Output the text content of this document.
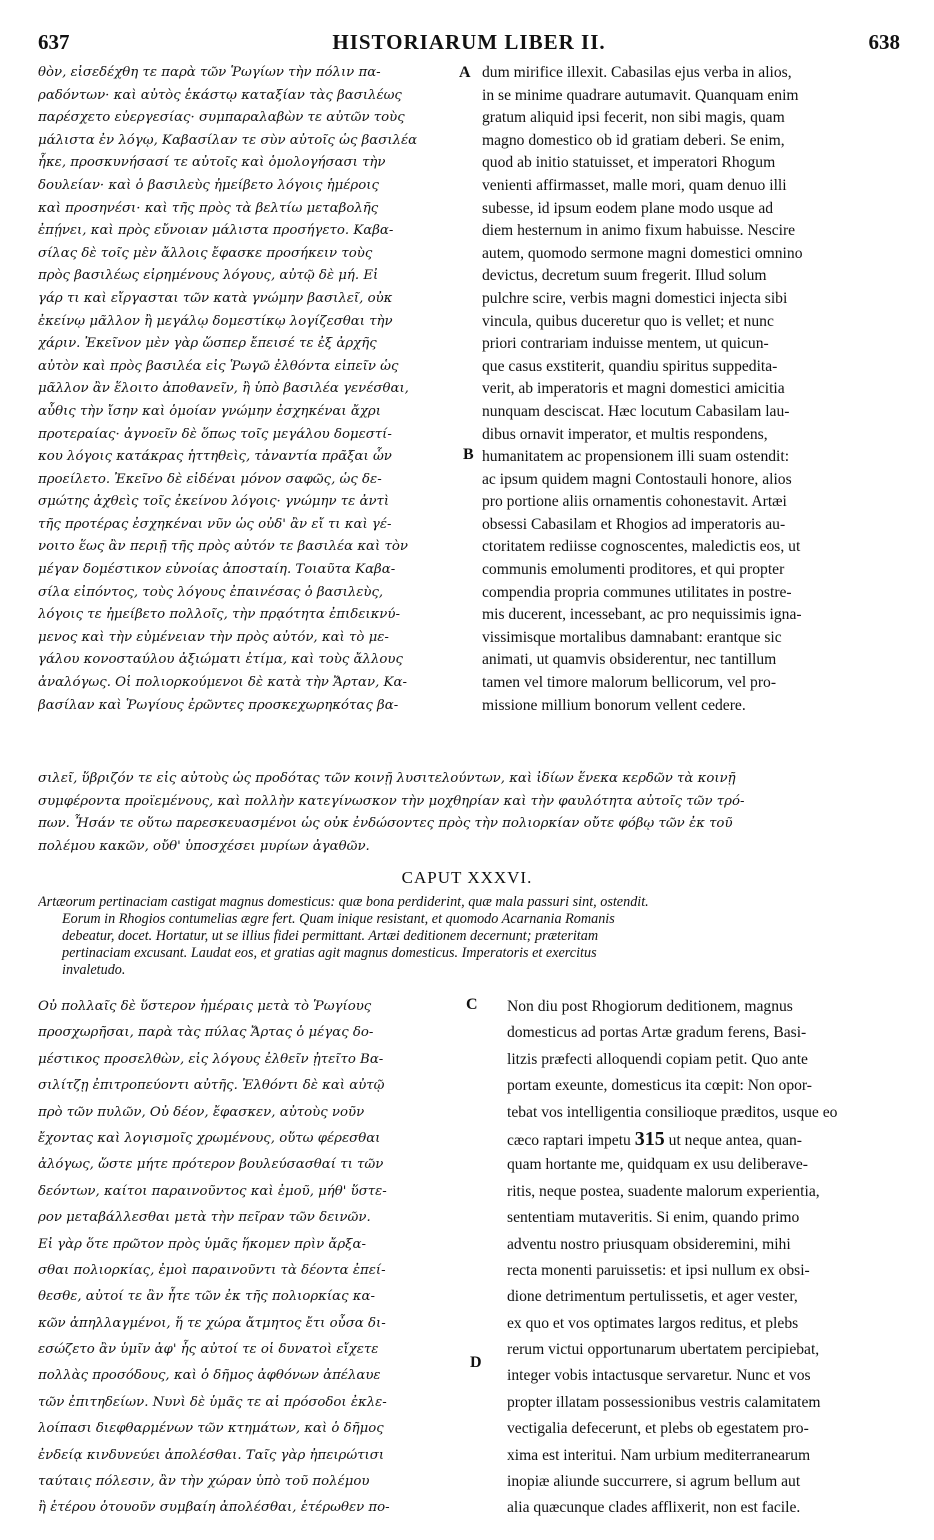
637	HISTORIARUM LIBER II.	638
θὸν, εἰσεδέχθη τε παρὰ τῶν Ῥωγίων τὴν πόλιν πα-
ραδόντων· καὶ αὐτὸς ἑκάστῳ καταξίαν τὰς βασιλέως
παρέσχετο εὐεργεσίας· συμπαραλαβὼν τε αὐτῶν τοὺς
μάλιστα ἐν λόγῳ, Καβασίλαν τε σὺν αὐτοῖς ὡς βασιλέα
ἧκε, προσκυνήσασί τε αὐτοῖς καὶ ὁμολογήσασι τὴν
δουλείαν· καὶ ὁ βασιλεὺς ἠμείβετο λόγοις ἡμέροις
καὶ προσηνέσι· καὶ τῆς πρὸς τὰ βελτίω μεταβολῆς
ἐπῄνει, καὶ πρὸς εὔνοιαν μάλιστα προσήγετο. Καβα-
σίλας δὲ τοῖς μὲν ἄλλοις ἔφασκε προσήκειν τοὺς
πρὸς βασιλέως εἰρημένους λόγους, αὐτῷ δὲ μή. Εἰ
γάρ τι καὶ εἴργασται τῶν κατὰ γνώμην βασιλεῖ, οὐκ
ἐκείνῳ μᾶλλον ἢ μεγάλῳ δομεστίκῳ λογίζεσθαι τὴν
χάριν. Ἐκεῖνον μὲν γὰρ ὥσπερ ἔπεισέ τε ἐξ ἀρχῆς
αὐτὸν καὶ πρὸς βασιλέα εἰς Ῥωγῶ ἐλθόντα εἰπεῖν ὡς
μᾶλλον ἂν ἕλοιτο ἀποθανεῖν, ἢ ὑπὸ βασιλέα γενέσθαι,
αὖθις τὴν ἴσην καὶ ὁμοίαν γνώμην ἐσχηκέναι ἄχρι
προτεραίας· ἀγνοεῖν δὲ ὅπως τοῖς μεγάλου δομεστί-
κου λόγοις κατάκρας ἡττηθεὶς, τἀναντία πρᾶξαι ὧν
προείλετο. Ἐκεῖνο δὲ εἰδέναι μόνον σαφῶς, ὡς δε-
σμώτης ἀχθεὶς τοῖς ἐκείνου λόγοις· γνώμην τε ἀντὶ
τῆς προτέρας ἐσχηκέναι νῦν ὡς οὐδ' ἂν εἴ τι καὶ γέ-
νοιτο ἕως ἂν περιῇ τῆς πρὸς αὐτόν τε βασιλέα καὶ τὸν
μέγαν δομέστικον εὐνοίας ἀποσταίη. Τοιαῦτα Καβα-
σίλα εἰπόντος, τοὺς λόγους ἐπαινέσας ὁ βασιλεὺς,
λόγοις τε ἠμείβετο πολλοῖς, τὴν πρᾳότητα ἐπιδεικνύ-
μενος καὶ τὴν εὐμένειαν τὴν πρὸς αὐτόν, καὶ τὸ με-
γάλου κονοσταύλου ἀξιώματι ἐτίμα, καὶ τοὺς ἄλλους
ἀναλόγως. Οἱ πολιορκούμενοι δὲ κατὰ τὴν Ἄρταν, Κα-
βασίλαν καὶ Ῥωγίους ἐρῶντες προσκεχωρηκότας βα-
dum mirifice illexit. Cabasilas ejus verba in alios,
in se minime quadrare autumavit. Quanquam enim
gratum aliquid ipsi fecerit, non sibi magis, quam
magno domestico ob id gratiam deberi. Se enim,
quod ab initio statuisset, et imperatori Rhogum
venienti affirmasset, malle mori, quam denuo illi
subesse, id ipsum eodem plane modo usque ad
diem hesternum in animo fixum habuisse. Nescire
autem, quomodo sermone magni domestici omnino
devictus, decretum suum fregerit. Illud solum
pulchre scire, verbis magni domestici injecta sibi
vincula, quibus duceretur quo is vellet; et nunc
priori contrariam induisse mentem, ut quicun-
que casus exstiterit, quandiu spiritus suppedita-
verit, ab imperatoris et magni domestici amicitia
nunquam desciscat. Hæc locutum Cabasilam lau-
dibus ornavit imperator, et multis respondens,
humanitatem ac propensionem illi suam ostendit:
ac ipsum quidem magni Contostauli honore, alios
pro portione aliis ornamentis cohonestavit. Artæi
obsessi Cabasilam et Rhogios ad imperatoris au-
ctoritatem rediisse cognoscentes, maledictis eos, ut
communis emolumenti proditores, et qui propter
compendia propria communes utilitates in postre-
mis ducerent, incessebant, ac pro nequissimis igna-
vissimisque mortalibus damnabant: erantque sic
animati, ut quamvis obsiderentur, nec tantillum
tamen vel timore malorum bellicorum, vel pro-
missione millium bonorum vellent cedere.
A
B
C
D
σιλεῖ, ὕβριζόν τε εἰς αὐτοὺς ὡς προδότας τῶν κοινῇ λυσιτελούντων, καὶ ἰδίων ἕνεκα κερδῶν τὰ κοινῇ
συμφέροντα προϊεμένους, καὶ πολλὴν κατεγίνωσκον τὴν μοχθηρίαν καὶ τὴν φαυλότητα αὐτοῖς τῶν τρό-
πων. Ἦσάν τε οὕτω παρεσκευασμένοι ὡς οὐκ ἐνδώσοντες πρὸς τὴν πολιορκίαν οὔτε φόβῳ τῶν ἐκ τοῦ
πολέμου κακῶν, οὔθ' ὑποσχέσει μυρίων ἀγαθῶν.
CAPUT XXXVI.
Artæorum pertinaciam castigat magnus domesticus: quæ bona perdiderint, quæ mala passuri sint, ostendit.
Eorum in Rhogios contumelias ægre fert. Quam inique resistant, et quomodo Acarnania Romanis
debeatur, docet. Hortatur, ut se illius fidei permittant. Artæi deditionem decernunt; præteritam
pertinaciam excusant. Laudat eos, et gratias agit magnus domesticus. Imperatoris et exercitus
invaletudo.
Οὐ πολλαῖς δὲ ὕστερον ἡμέραις μετὰ τὸ Ῥωγίους
προσχωρῆσαι, παρὰ τὰς πύλας Ἄρτας ὁ μέγας δο-
μέστικος προσελθὼν, εἰς λόγους ἐλθεῖν ᾐτεῖτο Βα-
σιλίτζῃ ἐπιτροπεύοντι αὐτῆς. Ἐλθόντι δὲ καὶ αὐτῷ
πρὸ τῶν πυλῶν, Οὐ δέον, ἔφασκεν, αὐτοὺς νοῦν
ἔχοντας καὶ λογισμοῖς χρωμένους, οὕτω φέρεσθαι
ἀλόγως, ὥστε μήτε πρότερον βουλεύσασθαί τι τῶν
δεόντων, καίτοι παραινοῦντος καὶ ἐμοῦ, μήθ' ὕστε-
ρον μεταβάλλεσθαι μετὰ τὴν πεῖραν τῶν δεινῶν.
Εἰ γὰρ ὅτε πρῶτον πρὸς ὑμᾶς ἥκομεν πρὶν ἄρξα-
σθαι πολιορκίας, ἐμοὶ παραινοῦντι τὰ δέοντα ἐπεί-
θεσθε, αὐτοί τε ἂν ἦτε τῶν ἐκ τῆς πολιορκίας κα-
κῶν ἀπηλλαγμένοι, ἥ τε χώρα ἄτμητος ἔτι οὖσα δι-
εσώζετο ἂν ὑμῖν ἀφ' ἧς αὐτοί τε οἱ δυνατοὶ εἴχετε
πολλὰς προσόδους, καὶ ὁ δῆμος ἀφθόνων ἀπέλαυε
τῶν ἐπιτηδείων. Νυνὶ δὲ ὑμᾶς τε αἱ πρόσοδοι ἐκλε-
λοίπασι διεφθαρμένων τῶν κτημάτων, καὶ ὁ δῆμος
ἐνδείᾳ κινδυνεύει ἀπολέσθαι. Ταῖς γὰρ ἠπειρώτισι
ταύταις πόλεσιν, ἂν τὴν χώραν ὑπὸ τοῦ πολέμου
ἢ ἑτέρου ὁτουοῦν συμβαίη ἀπολέσθαι, ἑτέρωθεν πο-
Non diu post Rhogiorum deditionem, magnus
domesticus ad portas Artæ gradum ferens, Basi-
litzis præfecti alloquendi copiam petit. Quo ante
portam exeunte, domesticus ita cœpit: Non opor-
tebat vos intelligentia consilioque præditos, usque eo
cæco raptari impetu 315 ut neque antea, quan-
quam hortante me, quidquam ex usu deliberave-
ritis, neque postea, suadente malorum experientia,
sententiam mutaveritis. Si enim, quando primo
adventu nostro priusquam obsideremini, mihi
recta monenti paruissetis: et ipsi nullum ex obsi-
dione detrimentum pertulissetis, et ager vester,
ex quo et vos optimates largos reditus, et plebs
rerum victui opportunarum ubertatem percipiebat,
integer vobis intactusque servaretur. Nunc et vos
propter illatam possessionibus vestris calamitatem
vectigalia defecerunt, et plebs ob egestatem pro-
xima est interitui. Nam urbium mediterranearum
inopiæ aliunde succurrere, si agrum bellum aut
alia quæcunque clades afflixerit, non est facile.
